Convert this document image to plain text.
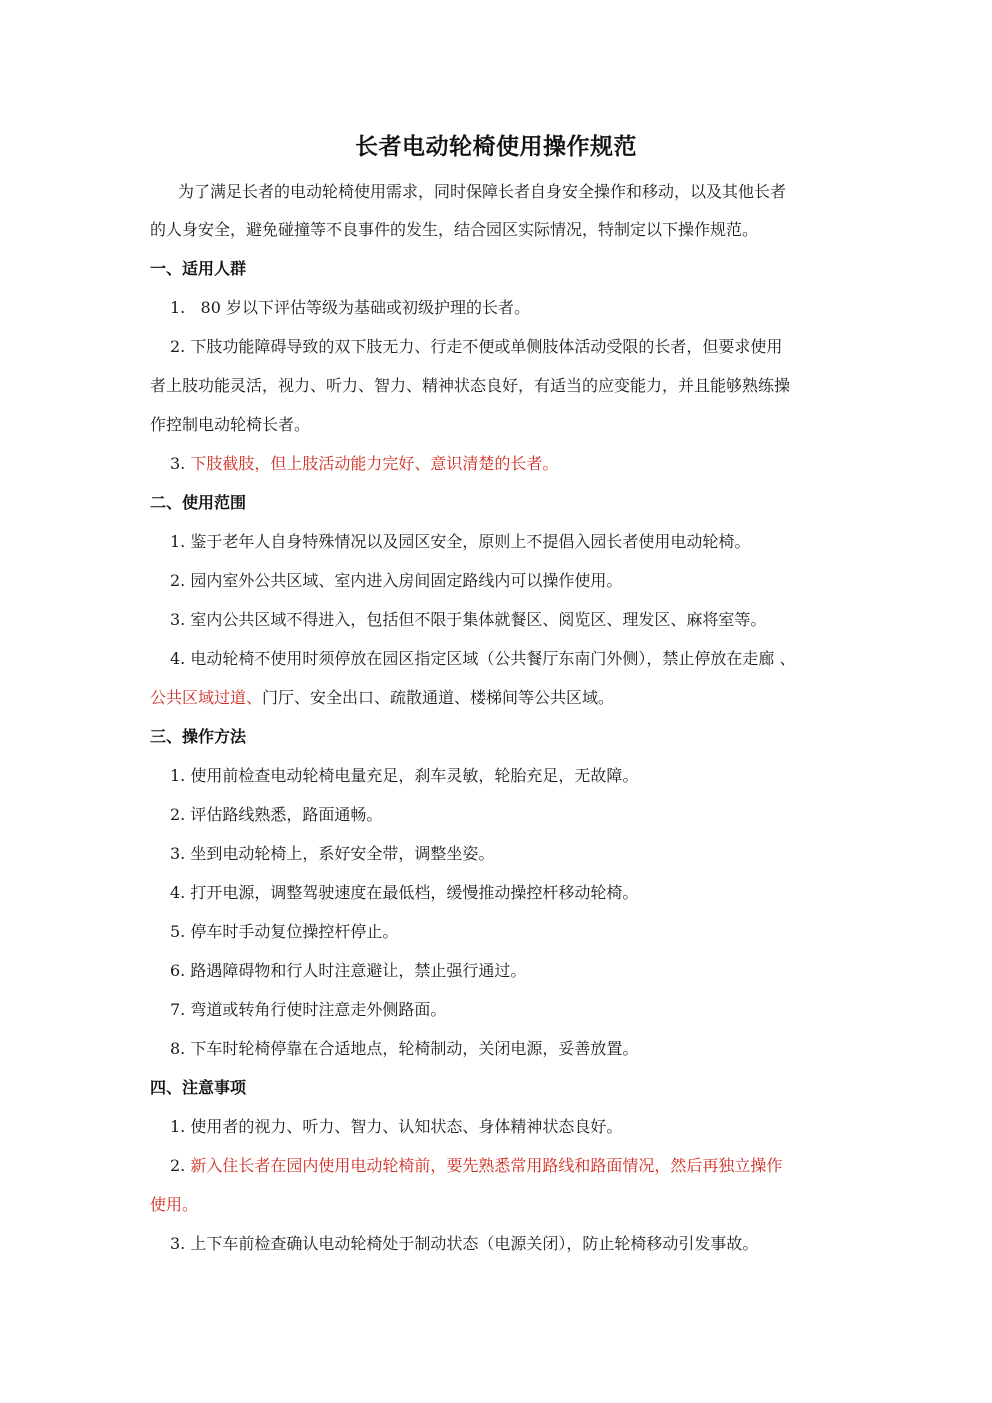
长者电动轮椅使用操作规范
为了满足长者的电动轮椅使用需求，同时保障长者自身安全操作和移动，以及其他长者
的人身安全，避免碰撞等不良事件的发生，结合园区实际情况，特制定以下操作规范。
一、适用人群
1. 80 岁以下评估等级为基础或初级护理的长者。
2. 下肢功能障碍导致的双下肢无力、行走不便或单侧肢体活动受限的长者，但要求使用
者上肢功能灵活，视力、听力、智力、精神状态良好，有适当的应变能力，并且能够熟练操
作控制电动轮椅长者。
3. 下肢截肢，但上肢活动能力完好、意识清楚的长者。
二、使用范围
1. 鉴于老年人自身特殊情况以及园区安全，原则上不提倡入园长者使用电动轮椅。
2. 园内室外公共区域、室内进入房间固定路线内可以操作使用。
3. 室内公共区域不得进入，包括但不限于集体就餐区、阅览区、理发区、麻将室等。
4. 电动轮椅不使用时须停放在园区指定区域（公共餐厅东南门外侧），禁止停放在走廊 、
公共区域过道、门厅、安全出口、疏散通道、楼梯间等公共区域。
三、操作方法
1. 使用前检查电动轮椅电量充足，刹车灵敏，轮胎充足，无故障。
2. 评估路线熟悉，路面通畅。
3. 坐到电动轮椅上，系好安全带，调整坐姿。
4. 打开电源，调整驾驶速度在最低档，缓慢推动操控杆移动轮椅。
5. 停车时手动复位操控杆停止。
6. 路遇障碍物和行人时注意避让，禁止强行通过。
7. 弯道或转角行使时注意走外侧路面。
8. 下车时轮椅停靠在合适地点，轮椅制动，关闭电源，妥善放置。
四、注意事项
1. 使用者的视力、听力、智力、认知状态、身体精神状态良好。
2. 新入住长者在园内使用电动轮椅前，要先熟悉常用路线和路面情况，然后再独立操作
使用。
3. 上下车前检查确认电动轮椅处于制动状态（电源关闭），防止轮椅移动引发事故。
